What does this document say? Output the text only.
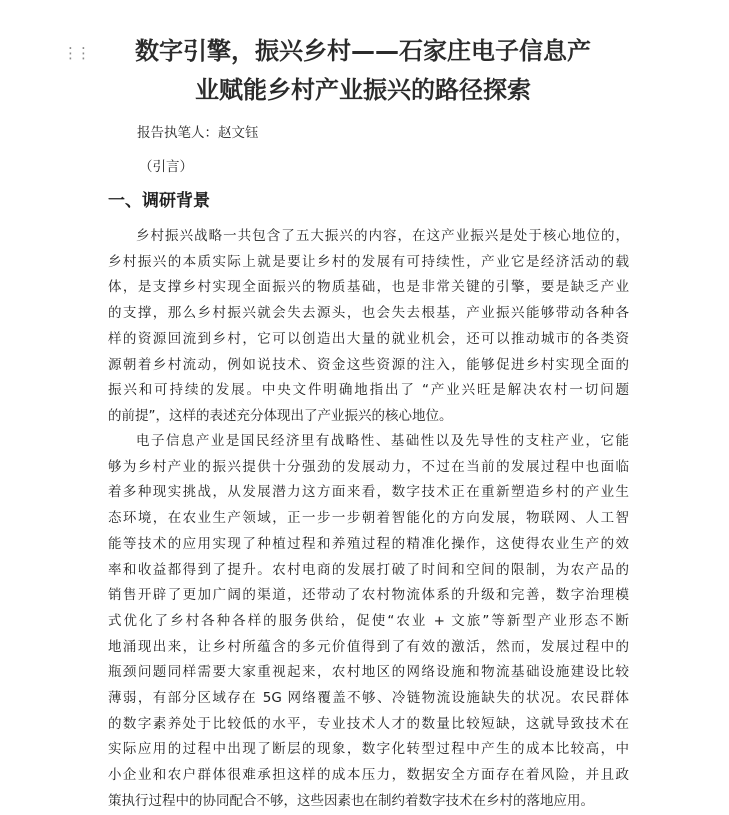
⋮⋮	数字引擎，振兴乡村——石家庄电子信息产
业赋能乡村产业振兴的路径探索
报告执笔人：赵文钰
（引言）
一、调研背景

乡村振兴战略一共包含了五大振兴的内容，在这产业振兴是处于核心地位的，
乡村振兴的本质实际上就是要让乡村的发展有可持续性，产业它是经济活动的载
体，是支撑乡村实现全面振兴的物质基础，也是非常关键的引擎，要是缺乏产业
的支撑，那么乡村振兴就会失去源头，也会失去根基，产业振兴能够带动各种各
样的资源回流到乡村，它可以创造出大量的就业机会，还可以推动城市的各类资
源朝着乡村流动，例如说技术、资金这些资源的注入，能够促进乡村实现全面的
振兴和可持续的发展。中央文件明确地指出了 “产业兴旺是解决农村一切问题
的前提”，这样的表述充分体现出了产业振兴的核心地位。

电子信息产业是国民经济里有战略性、基础性以及先导性的支柱产业，它能
够为乡村产业的振兴提供十分强劲的发展动力，不过在当前的发展过程中也面临
着多种现实挑战，从发展潜力这方面来看，数字技术正在重新塑造乡村的产业生
态环境，在农业生产领域，正一步一步朝着智能化的方向发展，物联网、人工智
能等技术的应用实现了种植过程和养殖过程的精准化操作，这使得农业生产的效
率和收益都得到了提升。农村电商的发展打破了时间和空间的限制，为农产品的
销售开辟了更加广阔的渠道，还带动了农村物流体系的升级和完善，数字治理模
式优化了乡村各种各样的服务供给，促使“农业 + 文旅”等新型产业形态不断
地涌现出来，让乡村所蕴含的多元价值得到了有效的激活，然而，发展过程中的
瓶颈问题同样需要大家重视起来，农村地区的网络设施和物流基础设施建设比较
薄弱，有部分区域存在 5G 网络覆盖不够、冷链物流设施缺失的状况。农民群体
的数字素养处于比较低的水平，专业技术人才的数量比较短缺，这就导致技术在
实际应用的过程中出现了断层的现象，数字化转型过程中产生的成本比较高，中
小企业和农户群体很难承担这样的成本压力，数据安全方面存在着风险，并且政
策执行过程中的协同配合不够，这些因素也在制约着数字技术在乡村的落地应用。
